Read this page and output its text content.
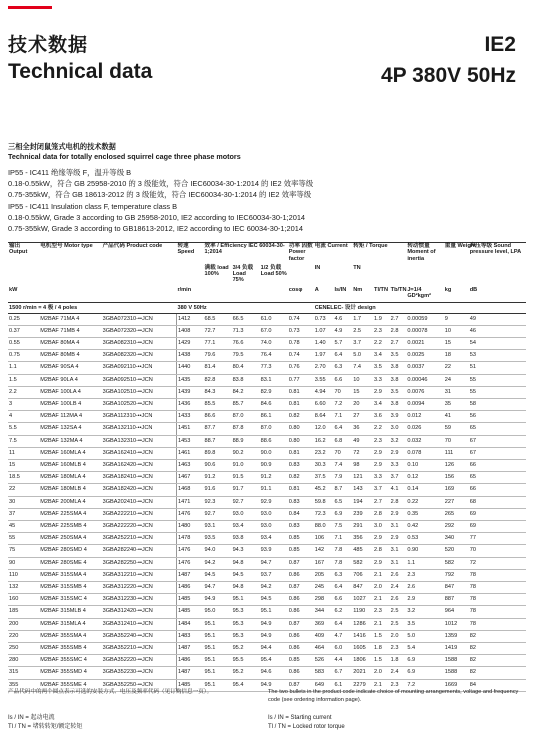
技术数据
Technical data
IE2
4P 380V 50Hz
三相全封闭鼠笼式电机的技术数据
Technical data for totally enclosed squirrel cage three phase motors
IP55 - IC411 绝缘等级 F，温升等级 B
0.18-0.55kW，符合 GB 25958-2010 的 3 级能效，符合 IEC60034-30-1:2014 的 IE2 效率等级
0.75-355kW，符合 GB 18613-2012 的 3 级能效，符合 IEC60034-30-1:2014 的 IE2 效率等级
IP55 - IC411 Insulation class F, temperature class B
0.18-0.55kW, Grade 3 according to GB 25958-2010, IE2 according to IEC60034-30-1;2014
0.75-355kW, Grade 3 according to GB18613-2012, IE2 according to IEC 60034-30-1;2014
输出 Output	电机型号 Motor type	产品代码 Product code	转速 Speed	效率 / Efficiency IEC 60034-30-1;2014			功率 因数 Power factor	电流 Current		转矩 / Torque			转动惯量 Moment of inertia	重量 Weight	声压等级 Sound pressure level, LPA
				满载 load 100%	3/4 负载 Load 75%	1/2 负载 Load 50%		IN		TN					
kW			r/min				cosφ	A	Is/IN	Nm	Tl/TN	Tb/TN	J=1/4 GD²kgm²	kg	dB

1500 r/min = 4 极 / 4 poles			380 V 50Hz					CENELEC- 设计 design							
0.25	M2BAF 71MA 4	3GBA072310-••JCN	1412	68.5	66.5	61.0	0.74	0.73	4.6	1.7	1.9	2.7	0.00059	9	49
0.37	M2BAF 71MB 4	3GBA072320-••JCN	1408	72.7	71.3	67.0	0.73	1.07	4.9	2.5	2.3	2.8	0.00078	10	46
0.55	M2BAF 80MA 4	3GBA082310-••JCN	1429	77.1	76.6	74.0	0.78	1.40	5.7	3.7	2.2	2.7	0.0021	15	54
0.75	M2BAF 80MB 4	3GBA082320-••JCN	1438	79.6	79.5	76.4	0.74	1.97	6.4	5.0	3.4	3.5	0.0025	18	53
1.1	M2BAF 90SA 4	3GBA092110-••JCN	1440	81.4	80.4	77.3	0.76	2.70	6.3	7.4	3.5	3.8	0.0037	22	51
1.5	M2BAF 90LA 4	3GBA092510-••JCN	1435	82.8	83.8	83.1	0.77	3.55	6.6	10	3.3	3.8	0.00046	24	55
2.2	M2BAF 100LA 4	3GBA102510-••JCN	1439	84.3	84.2	82.9	0.81	4.94	70	15	2.9	3.5	0.0076	31	55
3	M2BAF 100LB 4	3GBA102520-••JCN	1436	85.5	85.7	84.6	0.81	6.60	7.2	20	3.4	3.8	0.0094	35	58
4	M2BAF 112MA 4	3GBA112310-••JCN	1433	86.6	87.0	86.1	0.82	8.64	7.1	27	3.6	3.9	0.012	41	56
5.5	M2BAF 132SA 4	3GBA132110-••JCN	1451	87.7	87.8	87.0	0.80	12.0	6.4	36	2.2	3.0	0.026	59	65
7.5	M2BAF 132MA 4	3GBA132310-••JCN	1453	88.7	88.9	88.6	0.80	16.2	6.8	49	2.3	3.2	0.032	70	67
11	M2BAF 160MLA 4	3GBA162410-••JCN	1461	89.8	90.2	90.0	0.81	23.2	70	72	2.9	2.9	0.078	111	67
15	M2BAF 160MLB 4	3GBA162420-••JCN	1463	90.6	91.0	90.9	0.83	30.3	7.4	98	2.9	3.3	0.10	126	66
18.5	M2BAF 180MLA 4	3GBA182410-••JCN	1467	91.2	91.5	91.2	0.82	37.5	7.9	121	3.3	3.7	0.12	156	65
22	M2BAF 180MLB 4	3GBA182420-••JCN	1468	91.6	91.7	91.1	0.81	45.2	8.7	143	3.7	4.1	0.14	169	66
30	M2BAF 200MLA 4	3GBA202410-••JCN	1471	92.3	92.7	92.9	0.83	59.8	6.5	194	2.7	2.8	0.22	227	68
37	M2BAF 225SMA 4	3GBA222210-••JCN	1476	92.7	93.0	93.0	0.84	72.3	6.9	239	2.8	2.9	0.35	265	69
45	M2BAF 225SMB 4	3GBA222220-••JCN	1480	93.1	93.4	93.0	0.83	88.0	7.5	291	3.0	3.1	0.42	292	69
55	M2BAF 250SMA 4	3GBA252210-••JCN	1478	93.5	93.8	93.4	0.85	106	7.1	356	2.9	2.9	0.53	340	77
75	M2BAF 280SMD 4	3GBA282240-••JCN	1476	94.0	94.3	93.9	0.85	142	7.8	485	2.8	3.1	0.90	520	70
90	M2BAF 280SME 4	3GBA282250-••JCN	1476	94.2	94.8	94.7	0.87	167	7.8	582	2.9	3.1	1.1	582	72
110	M2BAF 315SMA 4	3GBA312210-••JCN	1487	94.5	94.5	93.7	0.86	205	6.3	706	2.1	2.6	2.3	792	78
132	M2BAF 315SMB 4	3GBA312220-••JCN	1486	94.7	94.8	94.2	0.87	245	6.4	847	2.0	2.4	2.6	847	78
160	M2BAF 315SMC 4	3GBA312230-••JCN	1485	94.9	95.1	94.5	0.86	298	6.6	1027	2.1	2.6	2.9	887	78
185	M2BAF 315MLB 4	3GBA312420-••JCN	1485	95.0	95.3	95.1	0.86	344	6.2	1190	2.3	2.5	3.2	964	78
200	M2BAF 315MLA 4	3GBA312410-••JCN	1484	95.1	95.3	94.9	0.87	369	6.4	1286	2.1	2.5	3.5	1012	78
220	M2BAF 355SMA 4	3GBA352240-••JCN	1483	95.1	95.3	94.9	0.86	409	4.7	1416	1.5	2.0	5.0	1359	82
250	M2BAF 355SMB 4	3GBA352210-••JCN	1487	95.1	95.2	94.4	0.86	464	6.0	1605	1.8	2.3	5.4	1419	82
280	M2BAF 355SMC 4	3GBA352220-••JCN	1486	95.1	95.5	95.4	0.85	526	4.4	1806	1.5	1.8	6.9	1588	82
315	M2BAF 355SMD 4	3GBA352230-••JCN	1487	95.1	95.2	94.6	0.86	583	6.7	2021	2.0	2.4	6.9	1588	82
355	M2BAF 355SME 4	3GBA352250-••JCN	1485	95.1	95.4	94.9	0.87	649	6.1	2279	2.1	2.3	7.2	1669	84
产品代码中的两个圆点表示可选的安装方式、电压及频率代码（见订购信息一页）。	The two bullets in the product code indicate choice of mounting arrangements, voltage and frequency code (see ordering information page).
Is / IN = 起动电流
Tl / TN = 堵转转矩/额定转矩
Is / IN = Starting current
Tl / TN = Locked rotor torque
